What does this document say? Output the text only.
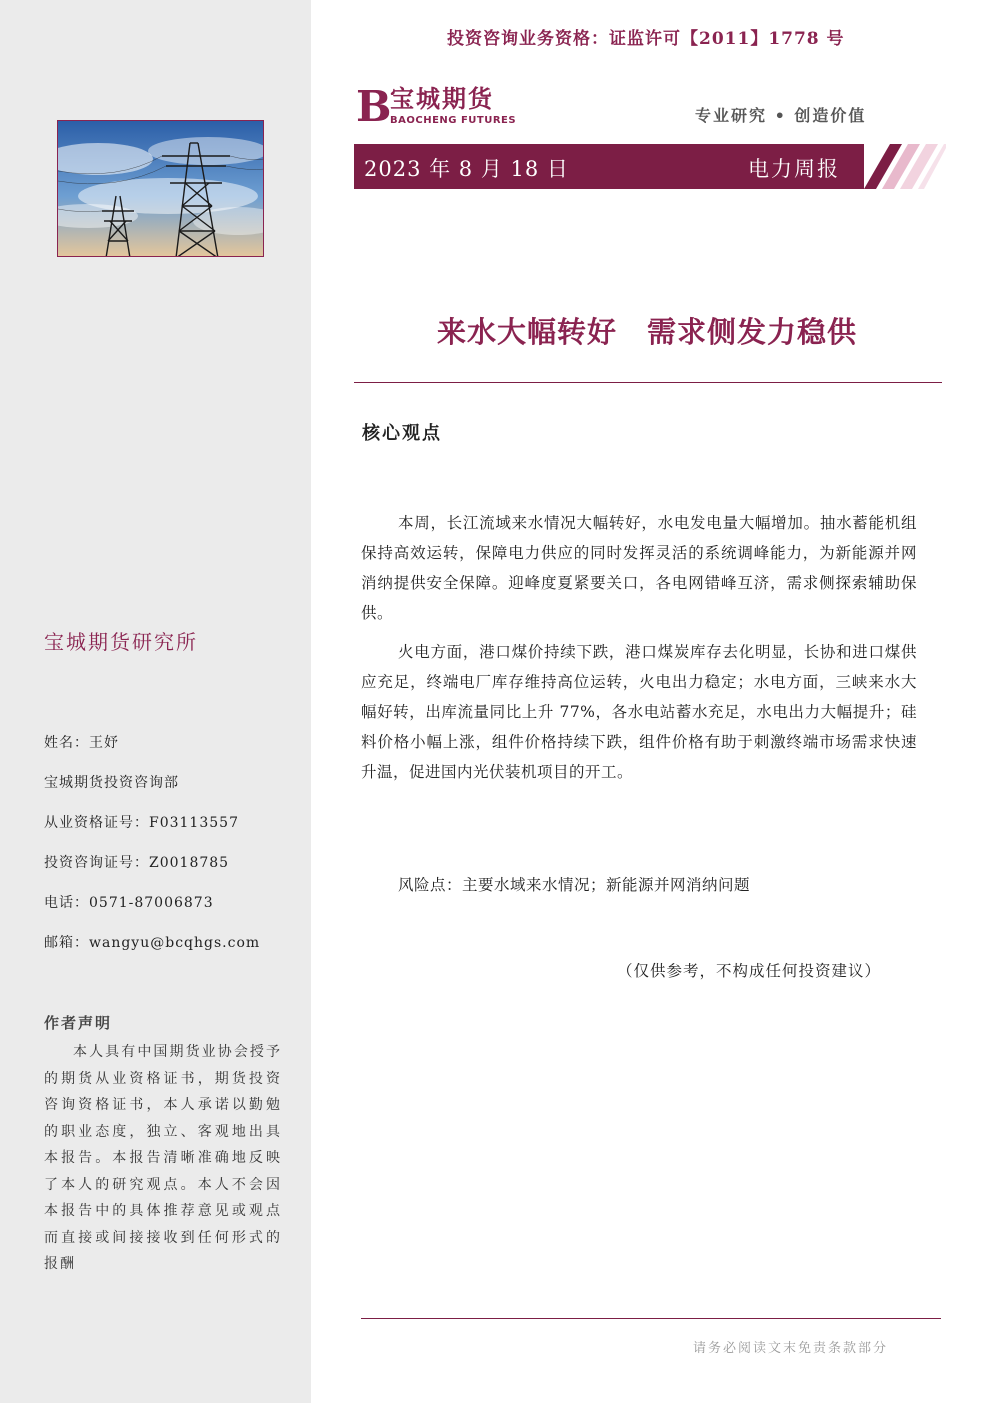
宝城期货研究所
姓名：王妤
宝城期货投资咨询部
从业资格证号：F03113557
投资咨询证号：Z0018785
电话：0571-87006873
邮箱：wangyu@bcqhgs.com
作者声明
本人具有中国期货业协会授予的期货从业资格证书，期货投资咨询资格证书，本人承诺以勤勉的职业态度，独立、客观地出具本报告。本报告清晰准确地反映了本人的研究观点。本人不会因本报告中的具体推荐意见或观点而直接或间接接收到任何形式的报酬
投资咨询业务资格：证监许可【2011】1778 号
B
宝城期货
BAOCHENG FUTURES	专业研究 • 创造价值
2023 年 8 月 18 日	电力周报
来水大幅转好　需求侧发力稳供
核心观点

本周，长江流域来水情况大幅转好，水电发电量大幅增加。抽水蓄能机组保持高效运转，保障电力供应的同时发挥灵活的系统调峰能力，为新能源并网消纳提供安全保障。迎峰度夏紧要关口，各电网错峰互济，需求侧探索辅助保供。

火电方面，港口煤价持续下跌，港口煤炭库存去化明显，长协和进口煤供应充足，终端电厂库存维持高位运转，火电出力稳定；水电方面，三峡来水大幅好转，出库流量同比上升 77%，各水电站蓄水充足，水电出力大幅提升；硅料价格小幅上涨，组件价格持续下跌，组件价格有助于刺激终端市场需求快速升温，促进国内光伏装机项目的开工。

风险点：主要水域来水情况；新能源并网消纳问题
（仅供参考，不构成任何投资建议）
请务必阅读文末免责条款部分
